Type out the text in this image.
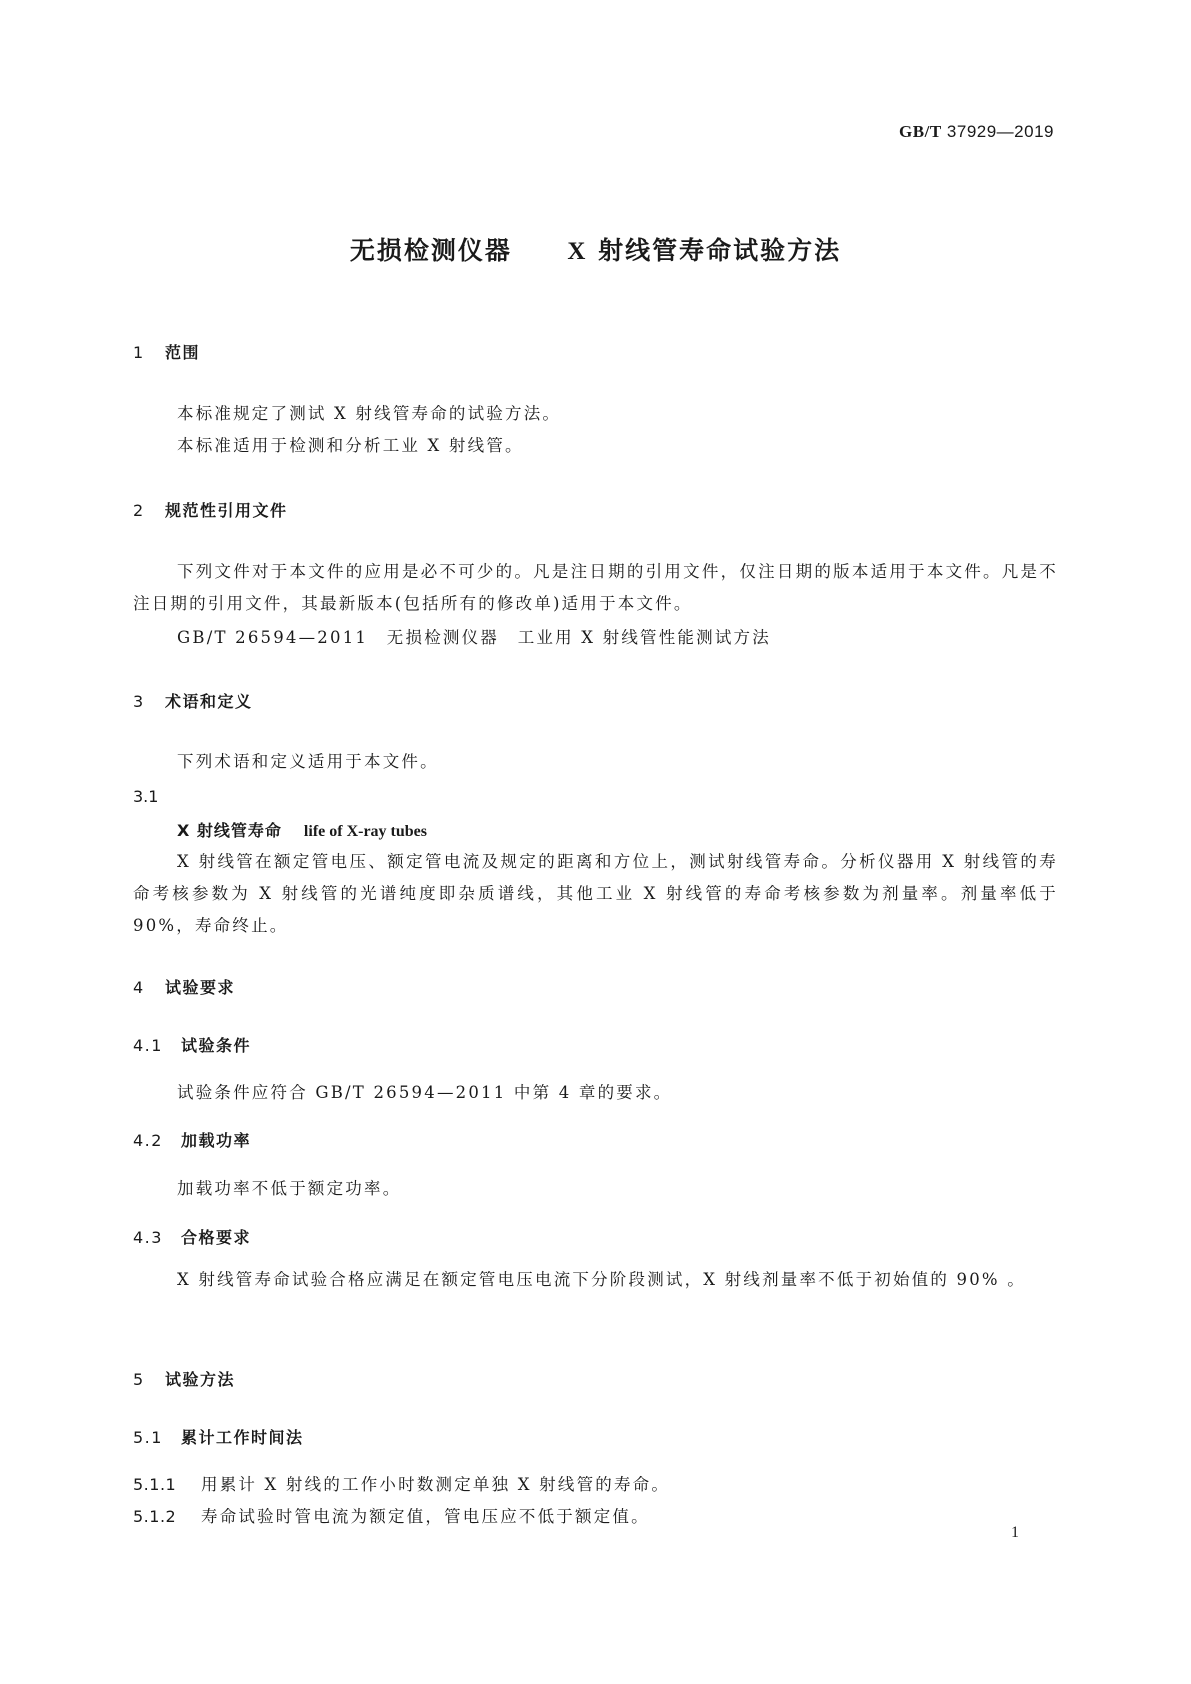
GB/T 37929—2019
无损检测仪器 X 射线管寿命试验方法
1 范围
本标准规定了测试 X 射线管寿命的试验方法。
本标准适用于检测和分析工业 X 射线管。
2 规范性引用文件
下列文件对于本文件的应用是必不可少的。凡是注日期的引用文件，仅注日期的版本适用于本文件。凡是不注日期的引用文件，其最新版本(包括所有的修改单)适用于本文件。
GB/T 26594—2011　无损检测仪器　工业用 X 射线管性能测试方法
3 术语和定义
下列术语和定义适用于本文件。
3.1
X 射线管寿命 life of X-ray tubes
X 射线管在额定管电压、额定管电流及规定的距离和方位上，测试射线管寿命。分析仪器用 X 射线管的寿命考核参数为 X 射线管的光谱纯度即杂质谱线，其他工业 X 射线管的寿命考核参数为剂量率。剂量率低于 90%，寿命终止。
4 试验要求
4.1 试验条件
试验条件应符合 GB/T 26594—2011 中第 4 章的要求。
4.2 加载功率
加载功率不低于额定功率。
4.3 合格要求
X 射线管寿命试验合格应满足在额定管电压电流下分阶段测试，X 射线剂量率不低于初始值的 90% 。
5 试验方法
5.1 累计工作时间法
5.1.1 用累计 X 射线的工作小时数测定单独 X 射线管的寿命。
5.1.2 寿命试验时管电流为额定值，管电压应不低于额定值。
1
